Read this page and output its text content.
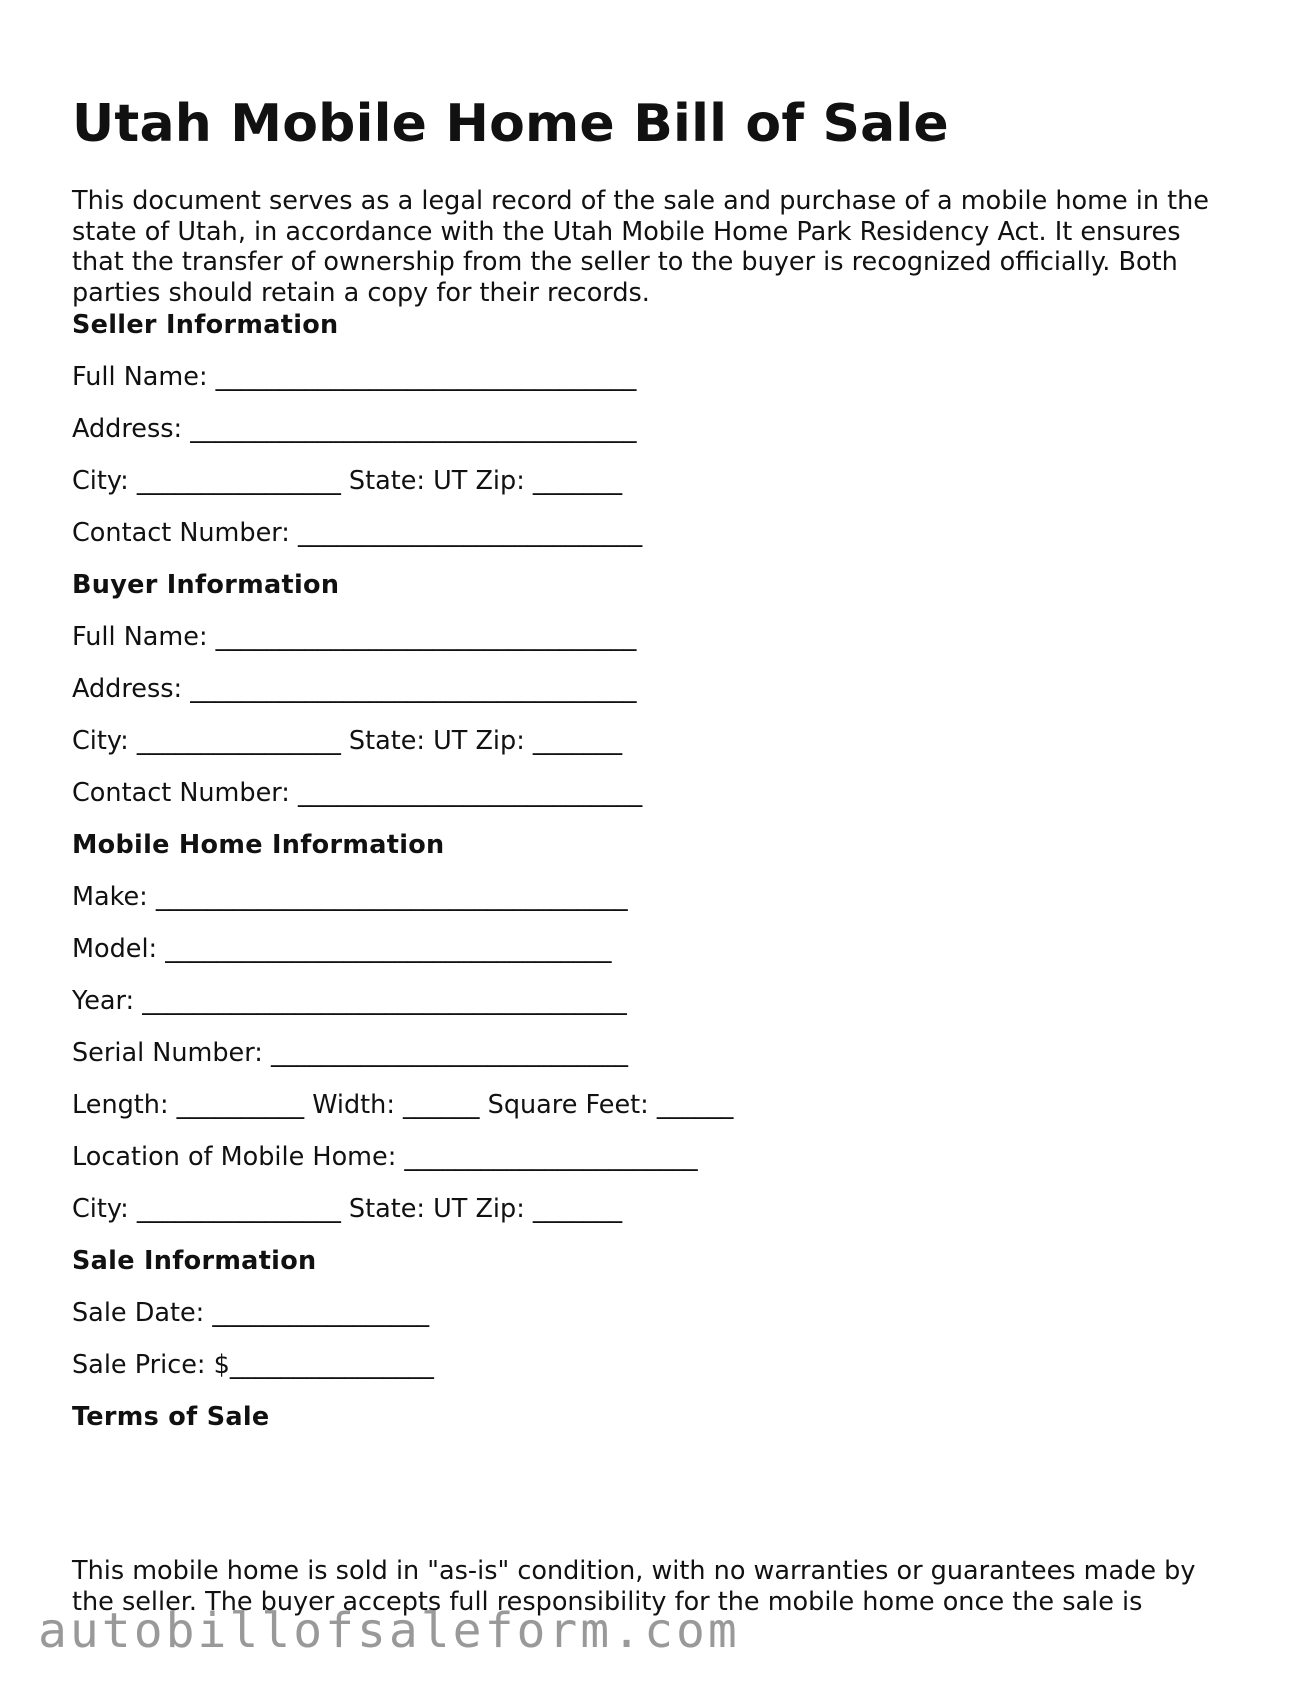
Utah Mobile Home Bill of Sale

This document serves as a legal record of the sale and purchase of a mobile home in the state of Utah, in accordance with the Utah Mobile Home Park Residency Act. It ensures that the transfer of ownership from the seller to the buyer is recognized officially. Both parties should retain a copy for their records.

Seller Information
Full Name: _________________________________
Address: ___________________________________
City: ________________ State: UT Zip: _______
Contact Number: ___________________________
Buyer Information
Full Name: _________________________________
Address: ___________________________________
City: ________________ State: UT Zip: _______
Contact Number: ___________________________
Mobile Home Information
Make: _____________________________________
Model: ___________________________________
Year: ______________________________________
Serial Number: ____________________________
Length: __________ Width: ______ Square Feet: ______
Location of Mobile Home: _______________________
City: ________________ State: UT Zip: _______
Sale Information
Sale Date: _________________
Sale Price: $________________
Terms of Sale

This mobile home is sold in "as-is" condition, with no warranties or guarantees made by the seller. The buyer accepts full responsibility for the mobile home once the sale is

autobillofsaleform.com
